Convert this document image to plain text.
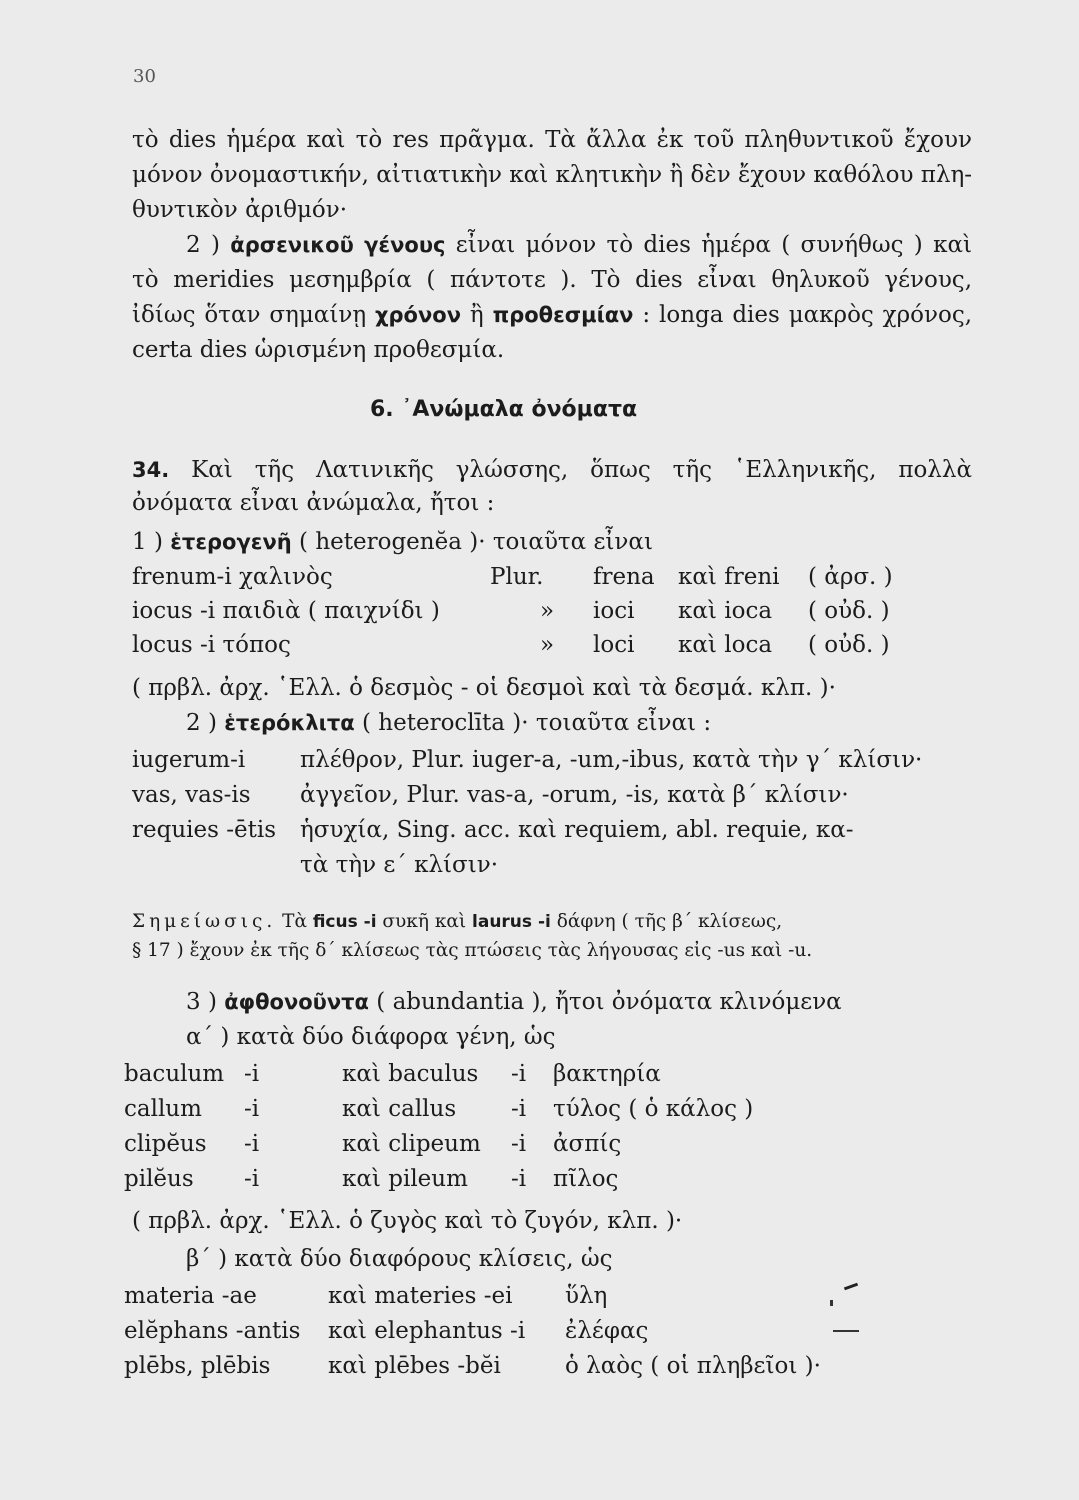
30
τὸ dies ἡμέρα καὶ τὸ res πρᾶγμα. Τὰ ἄλλα ἐκ τοῦ πληθυντικοῦ ἔχουν
μόνον ὀνομαστικήν, αἰτιατικὴν καὶ κλητικὴν ἢ δὲν ἔχουν καθόλου πλη-
θυντικὸν ἀριθμόν·
2 ) ἀρσενικοῦ γένους εἶναι μόνον τὸ dies ἡμέρα ( συνήθως ) καὶ
τὸ meridies μεσημβρία ( πάντοτε ). Τὸ dies εἶναι θηλυκοῦ γένους,
ἰδίως ὅταν σημαίνῃ χρόνον ἢ προθεσμίαν : longa dies μακρὸς χρόνος,
certa dies ὡρισμένη προθεσμία.
6. ᾿Ανώμαλα ὀνόματα
34. Καὶ τῆς Λατινικῆς γλώσσης, ὅπως τῆς ῾Ελληνικῆς, πολλὰ
ὀνόματα εἶναι ἀνώμαλα, ἤτοι :
1 ) ἑτερογενῆ ( heterogenĕa )· τοιαῦτα εἶναι
frenum-i χαλινὸς	Plur. frena καὶ freni ( ἀρσ. )
iocus -i παιδιὰ ( παιχνίδι )	» ioci καὶ ioca ( οὐδ. )
locus -i τόπος	» loci καὶ loca ( οὐδ. )
( πρβλ. ἀρχ. ῾Ελλ. ὁ δεσμὸς - οἱ δεσμοὶ καὶ τὰ δεσμά. κλπ. )·
2 ) ἑτερόκλιτα ( heteroclīta )· τοιαῦτα εἶναι :
iugerum-i πλέθρον, Plur. iuger-a, -um,-ibus, κατὰ τὴν γ΄ κλίσιν·
vas, vas-is ἀγγεῖον, Plur. vas-a, -orum, -is, κατὰ β΄ κλίσιν·
requies -ētis ἡσυχία, Sing. acc. καὶ requiem, abl. requie, κα-
τὰ τὴν ε΄ κλίσιν·
Σημείωσις. Τὰ ficus -i συκῆ καὶ laurus -i δάφνη ( τῆς β΄ κλίσεως,
§ 17 ) ἔχουν ἐκ τῆς δ΄ κλίσεως τὰς πτώσεις τὰς λήγουσας εἰς -us καὶ -u.
3 ) ἀφθονοῦντα ( abundantia ), ἤτοι ὀνόματα κλινόμενα
α΄ ) κατὰ δύο διάφορα γένη, ὡς
baculum -i	καὶ baculus -i βακτηρία
callum -i	καὶ callus -i τύλος ( ὁ κάλος )
clipĕus -i	καὶ clipeum -i ἀσπίς
pilĕus -i	καὶ pileum -i πῖλος
( πρβλ. ἀρχ. ῾Ελλ. ὁ ζυγὸς καὶ τὸ ζυγόν, κλπ. )·
β΄ ) κατὰ δύο διαφόρους κλίσεις, ὡς
materia -ae	καὶ materies -ei ὕλη
elĕphans -antis καὶ elephantus -i ἐλέφας
plēbs, plēbis	καὶ plēbes -bĕi	ὁ λαὸς ( οἱ πληβεῖοι )·
